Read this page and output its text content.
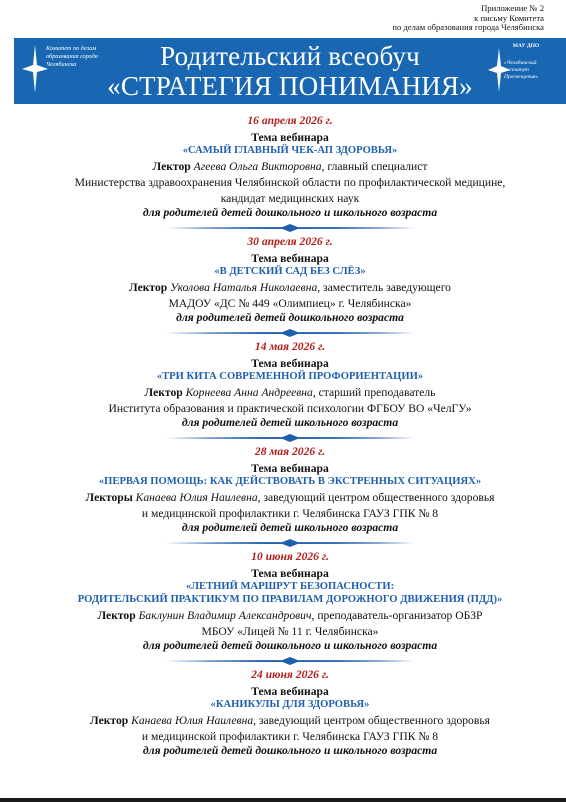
Приложение № 2
к письму Комитета
по делам образования города Челябинска
Комитет по делам образования города Челябинска	Родительский всеобуч
«СТРАТЕГИЯ ПОНИМАНИЯ»
МАУ ДПО
«Челябинский институт Просвещения»
16 апреля 2026 г.
Тема вебинара
«САМЫЙ ГЛАВНЫЙ ЧЕК-АП ЗДОРОВЬЯ»
Лектор Агеева Ольга Викторовна, главный специалист
Министерства здравоохранения Челябинской области по профилактической медицине,
кандидат медицинских наук
для родителей детей дошкольного и школьного возраста
30 апреля 2026 г.
Тема вебинара
«В ДЕТСКИЙ САД БЕЗ СЛЁЗ»
Лектор Уколова Наталья Николаевна, заместитель заведующего
МАДОУ «ДС № 449 «Олимпиец» г. Челябинска»
для родителей детей дошкольного возраста
14 мая 2026 г.
Тема вебинара
«ТРИ КИТА СОВРЕМЕННОЙ ПРОФОРИЕНТАЦИИ»
Лектор Корнеева Анна Андреевна, старший преподаватель
Института образования и практической психологии ФГБОУ ВО «ЧелГУ»
для родителей детей школьного возраста
28 мая 2026 г.
Тема вебинара
«ПЕРВАЯ ПОМОЩЬ: КАК ДЕЙСТВОВАТЬ В ЭКСТРЕННЫХ СИТУАЦИЯХ»
Лекторы Канаева Юлия Наилевна, заведующий центром общественного здоровья
и медицинской профилактики г. Челябинска ГАУЗ ГПК № 8
для родителей детей школьного возраста
10 июня 2026 г.
Тема вебинара
«ЛЕТНИЙ МАРШРУТ БЕЗОПАСНОСТИ:
РОДИТЕЛЬСКИЙ ПРАКТИКУМ ПО ПРАВИЛАМ ДОРОЖНОГО ДВИЖЕНИЯ (ПДД)»
Лектор Баклунин Владимир Александрович, преподаватель-организатор ОБЗР
МБОУ «Лицей № 11 г. Челябинска»
для родителей детей дошкольного и школьного возраста
24 июня 2026 г.
Тема вебинара
«КАНИКУЛЫ ДЛЯ ЗДОРОВЬЯ»
Лектор Канаева Юлия Наилевна, заведующий центром общественного здоровья
и медицинской профилактики г. Челябинска ГАУЗ ГПК № 8
для родителей детей дошкольного и школьного возраста
